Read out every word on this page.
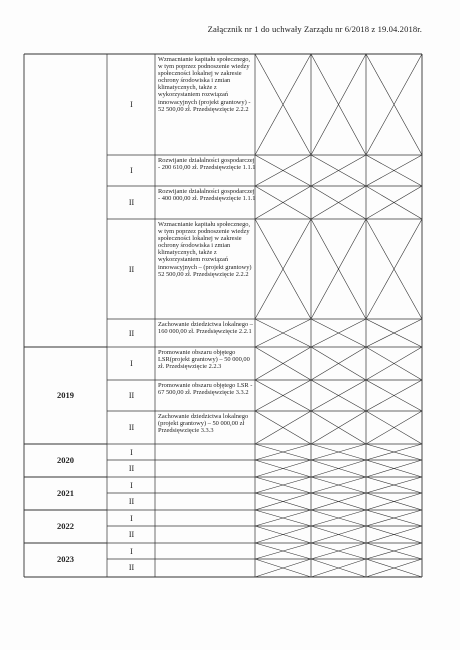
Załącznik nr 1 do uchwały Zarządu nr 6/2018 z 19.04.2018r.
I
Wzmacnianie kapitału społecznego, w tym poprzez podnoszenie wiedzy społeczności lokalnej w zakresie ochrony środowiska i zmian klimatycznych, także z wykorzystaniem rozwiązań innowacyjnych (projekt grantowy) - 52 500,00 zł. Przedsięwzięcie 2.2.2
I
Rozwijanie działalności gospodarczej - 200 610,00 zł. Przedsięwzięcie 1.1.1
II
Rozwijanie działalności gospodarczej - 400 000,00 zł. Przedsięwzięcie 1.1.1
II
Wzmacnianie kapitału społecznego, w tym poprzez podnoszenie wiedzy społeczności lokalnej w zakresie ochrony środowiska i zmian klimatycznych, także z wykorzystaniem rozwiązań innowacyjnych – (projekt grantowy) 52 500,00 zł. Przedsięwzięcie 2.2.2
II
Zachowanie dziedzictwa lokalnego – 160 000,00 zł. Przedsięwzięcie 2.2.1
2019
I
Promowanie obszaru objętego LSR(projekt grantowy) – 50 000,00 zł. Przedsięwzięcie 2.2.3
II
Promowanie obszaru objętego LSR - 67 500,00 zł. Przedsięwzięcie 3.3.2
II
Zachowanie dziedzictwa lokalnego (projekt grantowy) – 50 000,00 zł Przedsięwzięcie 3.3.3
2020
I
II
2021
I
II
2022
I
II
2023
I
II
